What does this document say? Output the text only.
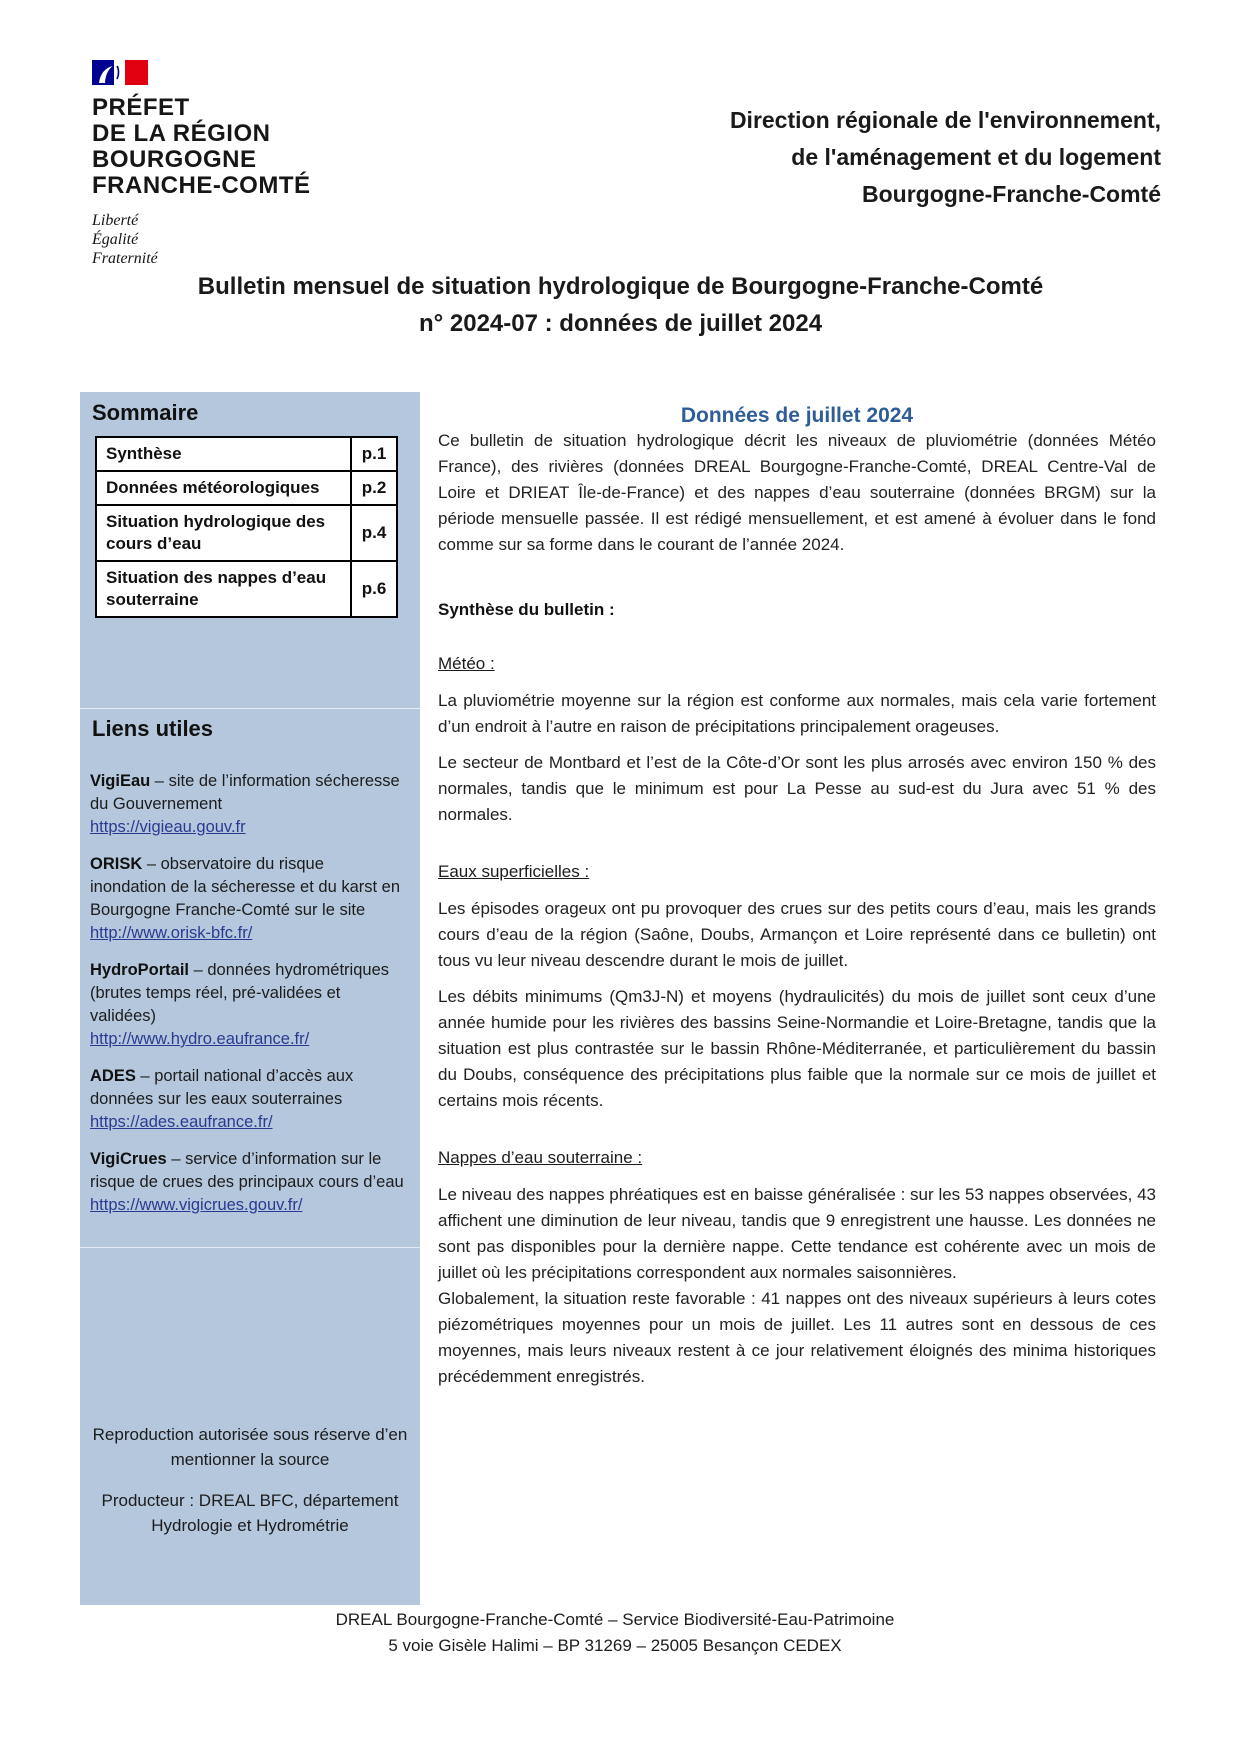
PRÉFET
DE LA RÉGION
BOURGOGNE
FRANCHE-COMTÉ
Liberté
Égalité
Fraternité
Direction régionale de l'environnement,
de l'aménagement et du logement
Bourgogne-Franche-Comté
Bulletin mensuel de situation hydrologique de Bourgogne-Franche-Comté
n° 2024-07 : données de juillet 2024
Sommaire
Synthèse	p.1
Données météorologiques	p.2
Situation hydrologique des cours d’eau	p.4
Situation des nappes d’eau souterraine	p.6
Liens utiles
VigiEau – site de l’information sécheresse du Gouvernement
https://vigieau.gouv.fr
ORISK – observatoire du risque inondation de la sécheresse et du karst en Bourgogne Franche-Comté sur le site
http://www.orisk-bfc.fr/
HydroPortail – données hydrométriques (brutes temps réel, pré-validées et validées)
http://www.hydro.eaufrance.fr/
ADES – portail national d’accès aux données sur les eaux souterraines
https://ades.eaufrance.fr/
VigiCrues – service d’information sur le risque de crues des principaux cours d’eau
https://www.vigicrues.gouv.fr/
Reproduction autorisée sous réserve d’en mentionner la source
Producteur : DREAL BFC, département Hydrologie et Hydrométrie
Données de juillet 2024

Ce bulletin de situation hydrologique décrit les niveaux de pluviométrie (données Météo France), des rivières (données DREAL Bourgogne-Franche-Comté, DREAL Centre-Val de Loire et DRIEAT Île-de-France) et des nappes d’eau souterraine (données BRGM) sur la période mensuelle passée. Il est rédigé mensuellement, et est amené à évoluer dans le fond comme sur sa forme dans le courant de l’année 2024.

Synthèse du bulletin :
Météo :

La pluviométrie moyenne sur la région est conforme aux normales, mais cela varie fortement d’un endroit à l’autre en raison de précipitations principalement orageuses.

Le secteur de Montbard et l’est de la Côte-d’Or sont les plus arrosés avec environ 150 % des normales, tandis que le minimum est pour La Pesse au sud-est du Jura avec 51 % des normales.

Eaux superficielles :

Les épisodes orageux ont pu provoquer des crues sur des petits cours d’eau, mais les grands cours d’eau de la région (Saône, Doubs, Armançon et Loire représenté dans ce bulletin) ont tous vu leur niveau descendre durant le mois de juillet.

Les débits minimums (Qm3J-N) et moyens (hydraulicités) du mois de juillet sont ceux d’une année humide pour les rivières des bassins Seine-Normandie et Loire-Bretagne, tandis que la situation est plus contrastée sur le bassin Rhône-Méditerranée, et particulièrement du bassin du Doubs, conséquence des précipitations plus faible que la normale sur ce mois de juillet et certains mois récents.

Nappes d’eau souterraine :

Le niveau des nappes phréatiques est en baisse généralisée : sur les 53 nappes observées, 43 affichent une diminution de leur niveau, tandis que 9 enregistrent une hausse. Les données ne sont pas disponibles pour la dernière nappe. Cette tendance est cohérente avec un mois de juillet où les précipitations correspondent aux normales saisonnières.

Globalement, la situation reste favorable : 41 nappes ont des niveaux supérieurs à leurs cotes piézométriques moyennes pour un mois de juillet. Les 11 autres sont en dessous de ces moyennes, mais leurs niveaux restent à ce jour relativement éloignés des minima historiques précédemment enregistrés.

DREAL Bourgogne-Franche-Comté – Service Biodiversité-Eau-Patrimoine
5 voie Gisèle Halimi – BP 31269 – 25005 Besançon CEDEX
